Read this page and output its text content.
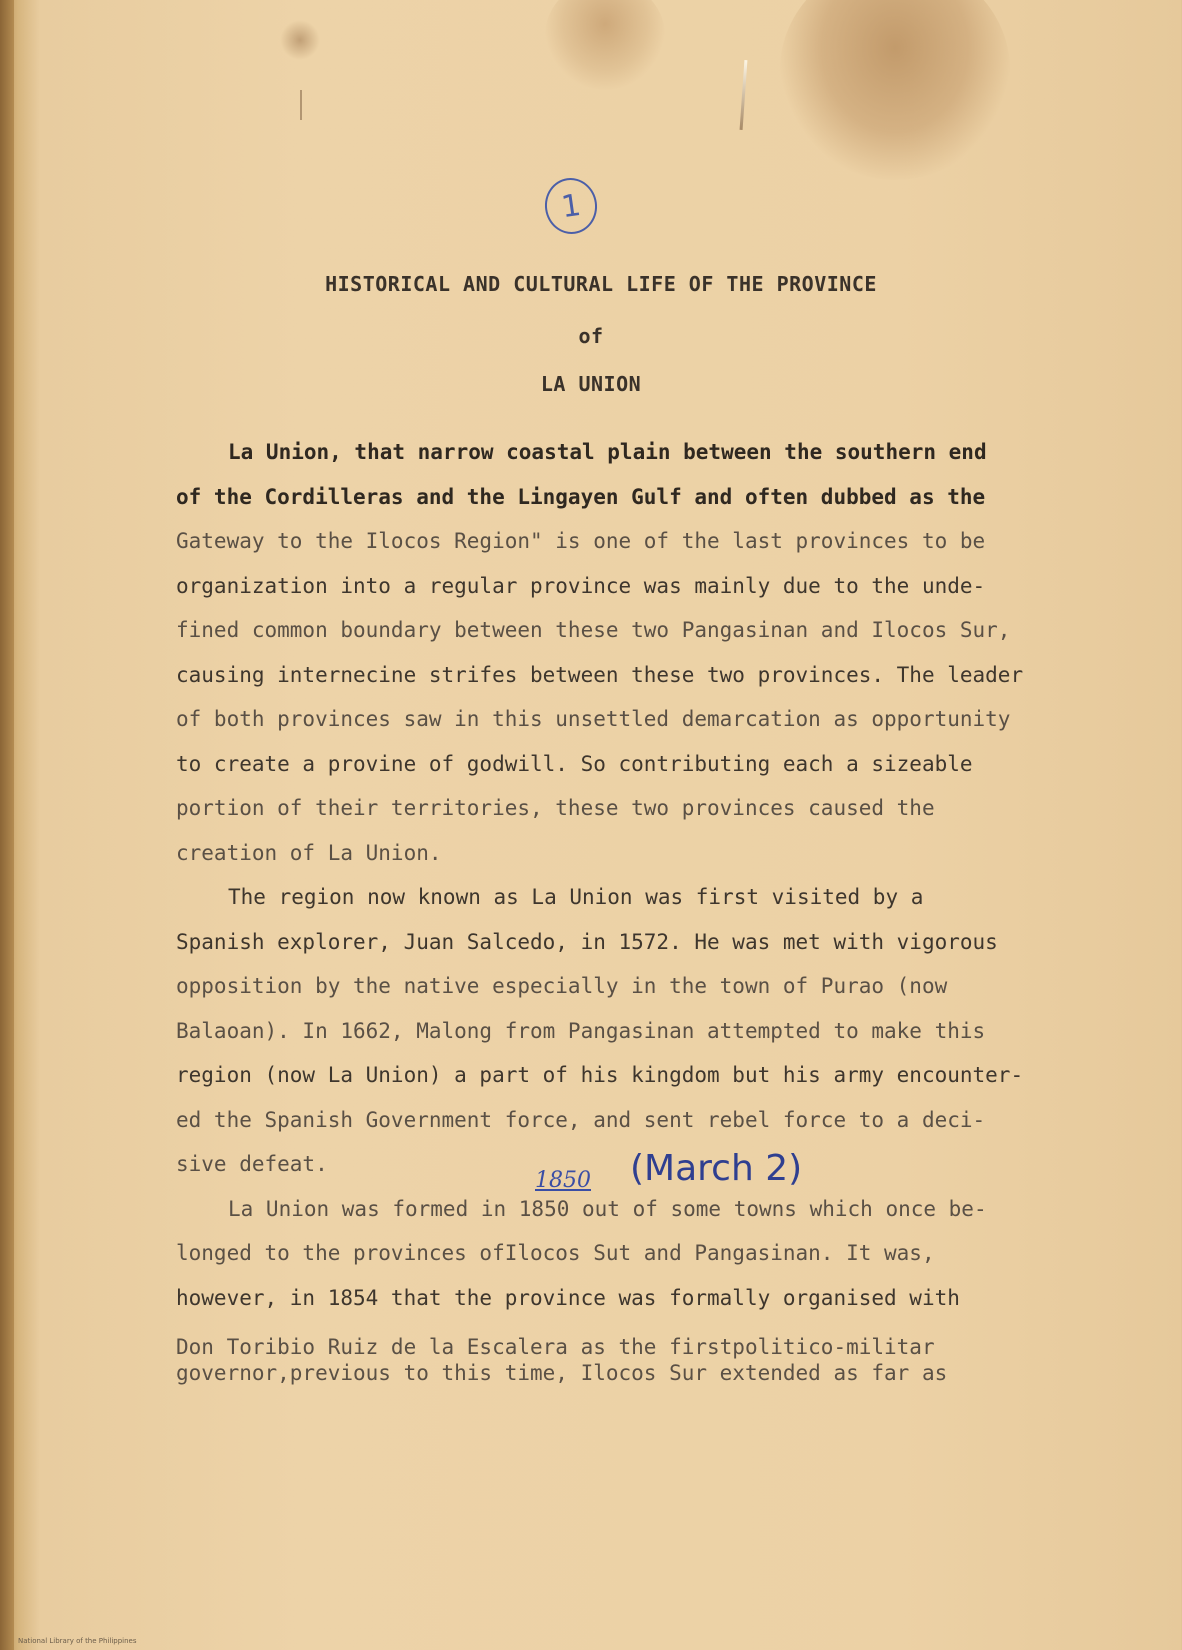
1
HISTORICAL AND CULTURAL LIFE OF THE PROVINCE
of
LA UNION
La Union, that narrow coastal plain between the southern end
of the Cordilleras and the Lingayen Gulf and often dubbed as the
Gateway to the Ilocos Region" is one of the last provinces to be
organization into a regular province was mainly due to the unde-
fined common boundary between these two Pangasinan and Ilocos Sur,
causing internecine strifes between these two provinces. The leader
of both provinces saw in this unsettled demarcation as opportunity
to create a provine of godwill. So contributing each a sizeable
portion of their territories, these two provinces caused the
creation of La Union.
The region now known as La Union was first visited by a
Spanish explorer, Juan Salcedo, in 1572. He was met with vigorous
opposition by the native especially in the town of Purao (now
Balaoan). In 1662, Malong from Pangasinan attempted to make this
region (now La Union) a part of his kingdom but his army encounter-
ed the Spanish Government force, and sent rebel force to a deci-
sive defeat.
La Union was formed in 1850 out of some towns which once be-
longed to the provinces ofIlocos Sut and Pangasinan. It was,
however, in 1854 that the province was formally organised with
Don Toribio Ruiz de la Escalera as the firstpolitico-militar
governor,previous to this time, Ilocos Sur extended as far as
1850 (March 2)
National Library of the Philippines
